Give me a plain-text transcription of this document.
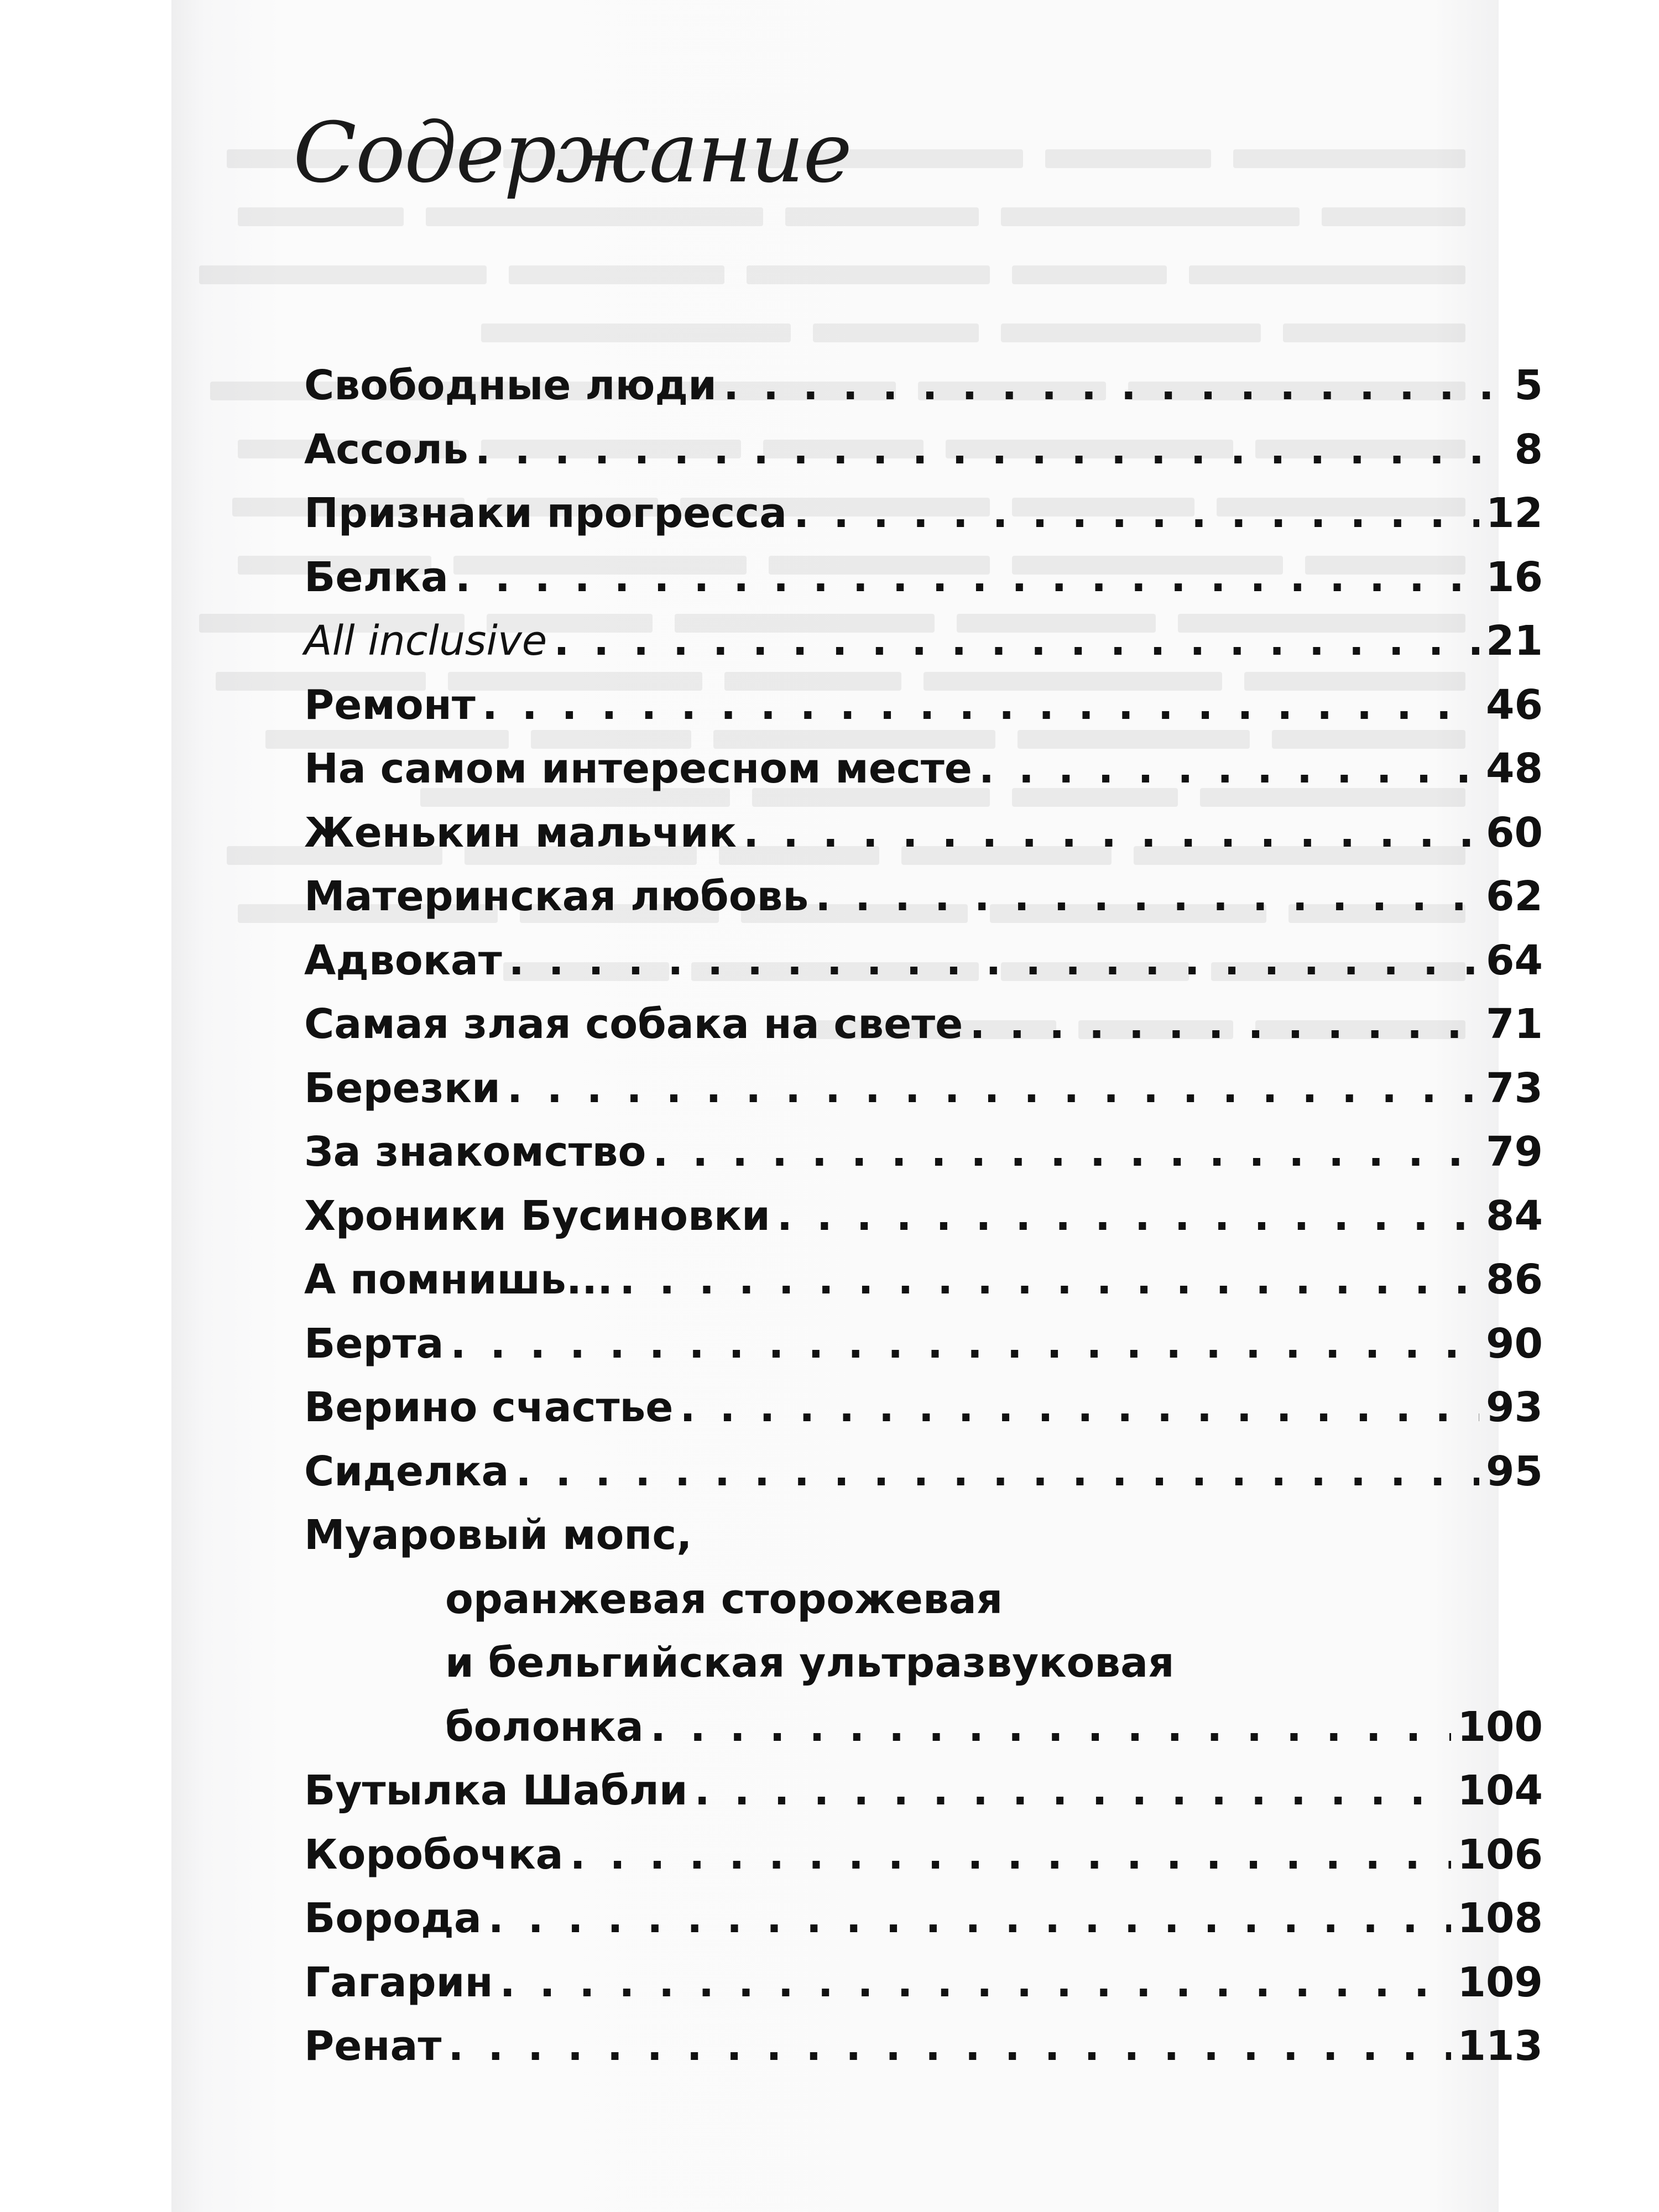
Содержание
Свободные люди . . .	5
Ассоль . . .	8
Признаки прогресса . . .	12
Белка . . .	16
All inclusive . . .	21
Ремонт . . .	46
На самом интересном месте . . .	48
Женькин мальчик . . .	60
Материнская любовь . . .	62
Адвокат . . .	64
Самая злая собака на свете . . .	71
Березки . . .	73
За знакомство . . .	79
Хроники Бусиновки . . .	84
А помнишь... . . .	86
Берта . . .	90
Верино счастье . . .	93
Сиделка . . .	95
Муаровый мопс,
оранжевая сторожевая
и бельгийская ультразвуковая
болонка . . .	100
Бутылка Шабли . . .	104
Коробочка . . .	106
Борода . . .	108
Гагарин . . .	109
Ренат . . .	113
